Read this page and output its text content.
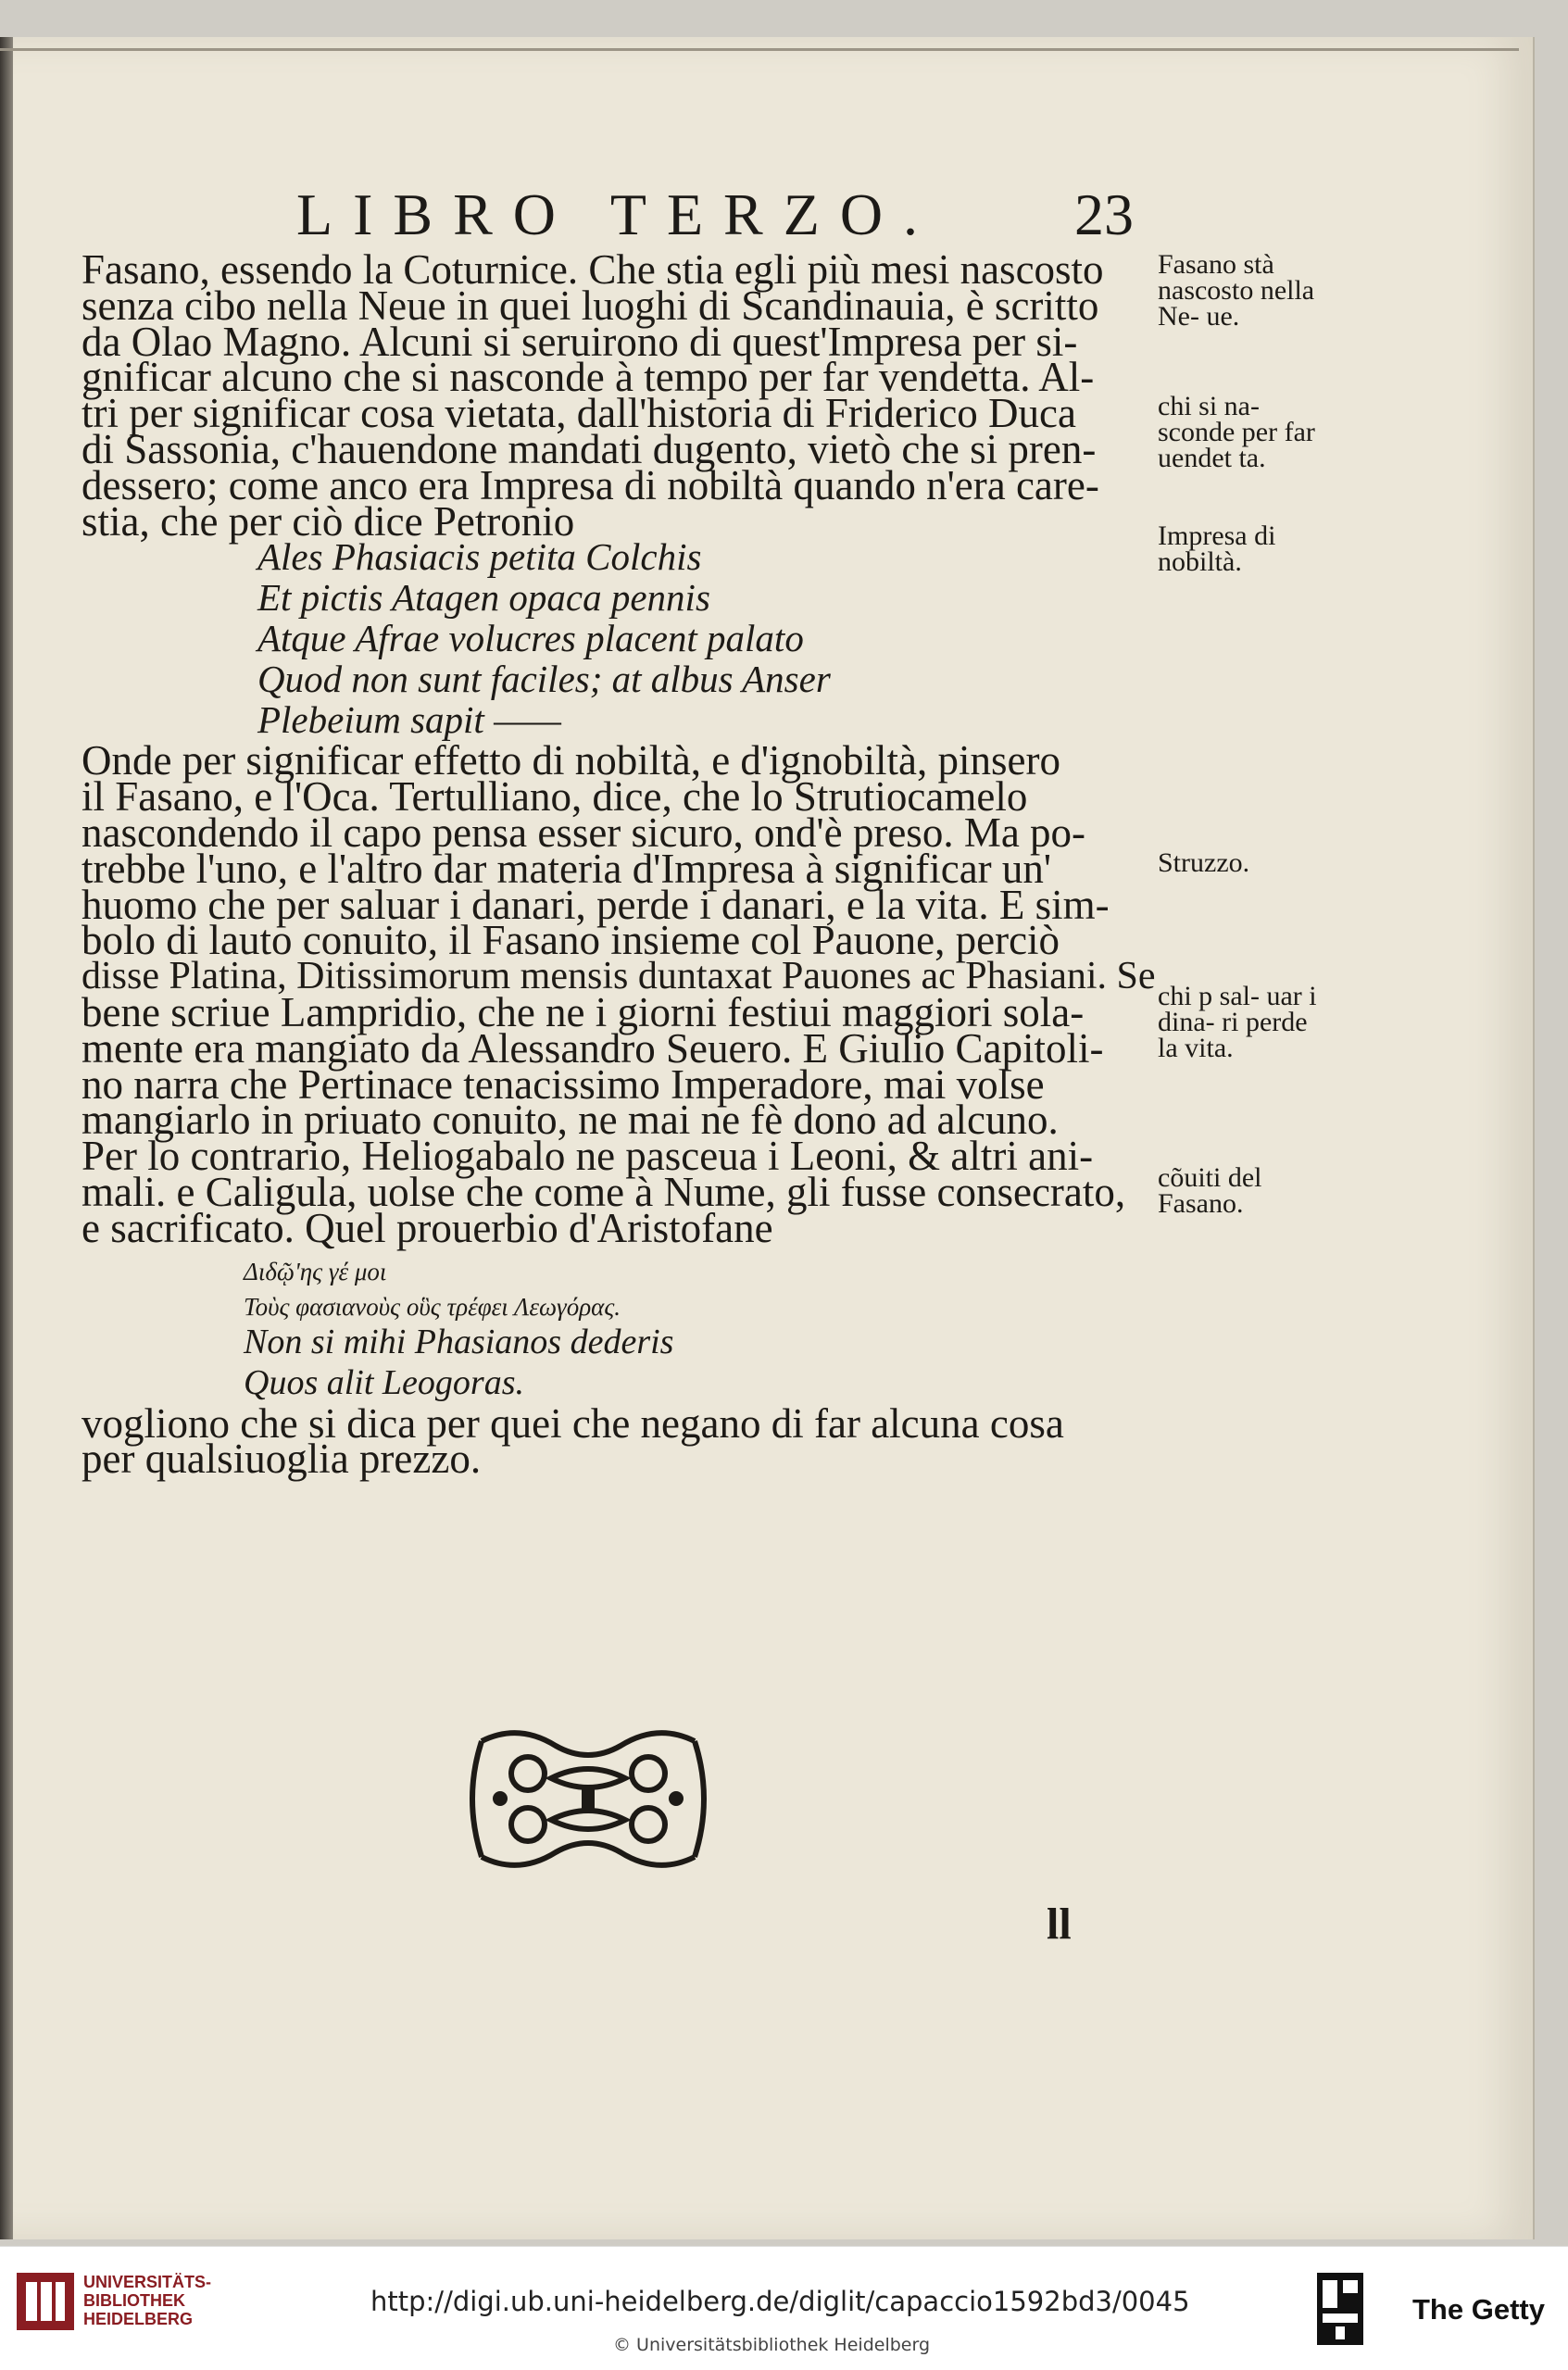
LIBRO TERZO. 23
Fasano, essendo la Coturnice. Che stia egli più mesi nascosto
senza cibo nella Neue in quei luoghi di Scandinauia, è scritto
da Olao Magno. Alcuni si seruirono di quest'Impresa per si-
gnificar alcuno che si nasconde à tempo per far vendetta. Al-
tri per significar cosa vietata, dall'historia di Friderico Duca
di Sassonia, c'hauendone mandati dugento, vietò che si pren-
dessero; come anco era Impresa di nobiltà quando n'era care-
stia, che per ciò dice Petronio
Ales Phasiacis petita Colchis
Et pictis Atagen opaca pennis
Atque Afrae volucres placent palato
Quod non sunt faciles; at albus Anser
Plebeium sapit ——
Onde per significar effetto di nobiltà, e d'ignobiltà, pinsero
il Fasano, e l'Oca. Tertulliano, dice, che lo Strutiocamelo
nascondendo il capo pensa esser sicuro, ond'è preso. Ma po-
trebbe l'uno, e l'altro dar materia d'Impresa à significar un'
huomo che per saluar i danari, perde i danari, e la vita. E sim-
bolo di lauto conuito, il Fasano insieme col Pauone, perciò
disse Platina, Ditissimorum mensis duntaxat Pauones ac Phasiani. Se
bene scriue Lampridio, che ne i giorni festiui maggiori sola-
mente era mangiato da Alessandro Seuero. E Giulio Capitoli-
no narra che Pertinace tenacissimo Imperadore, mai volse
mangiarlo in priuato conuito, ne mai ne fè dono ad alcuno.
Per lo contrario, Heliogabalo ne pasceua i Leoni, & altri ani-
mali. e Caligula, uolse che come à Nume, gli fusse consecrato,
e sacrificato. Quel prouerbio d'Aristofane
Διδῷ'ης γέ μοι
Τοὺς φασιανοὺς οὓς τρέφει Λεωγόρας.
Non si mihi Phasianos dederis
Quos alit Leogoras.
vogliono che si dica per quei che negano di far alcuna cosa
per qualsiuoglia prezzo.
Fasano stà nascosto nella Ne- ue.
chi si na- sconde per far uendet ta.
Impresa di nobiltà.
Struzzo.
chi p sal- uar i dina- ri perde la vita.
cõuiti del Fasano.
ll
UNIVERSITÄTS-
BIBLIOTHEK
HEIDELBERG
http://digi.ub.uni-heidelberg.de/diglit/capaccio1592bd3/0045
© Universitätsbibliothek Heidelberg
The Getty
